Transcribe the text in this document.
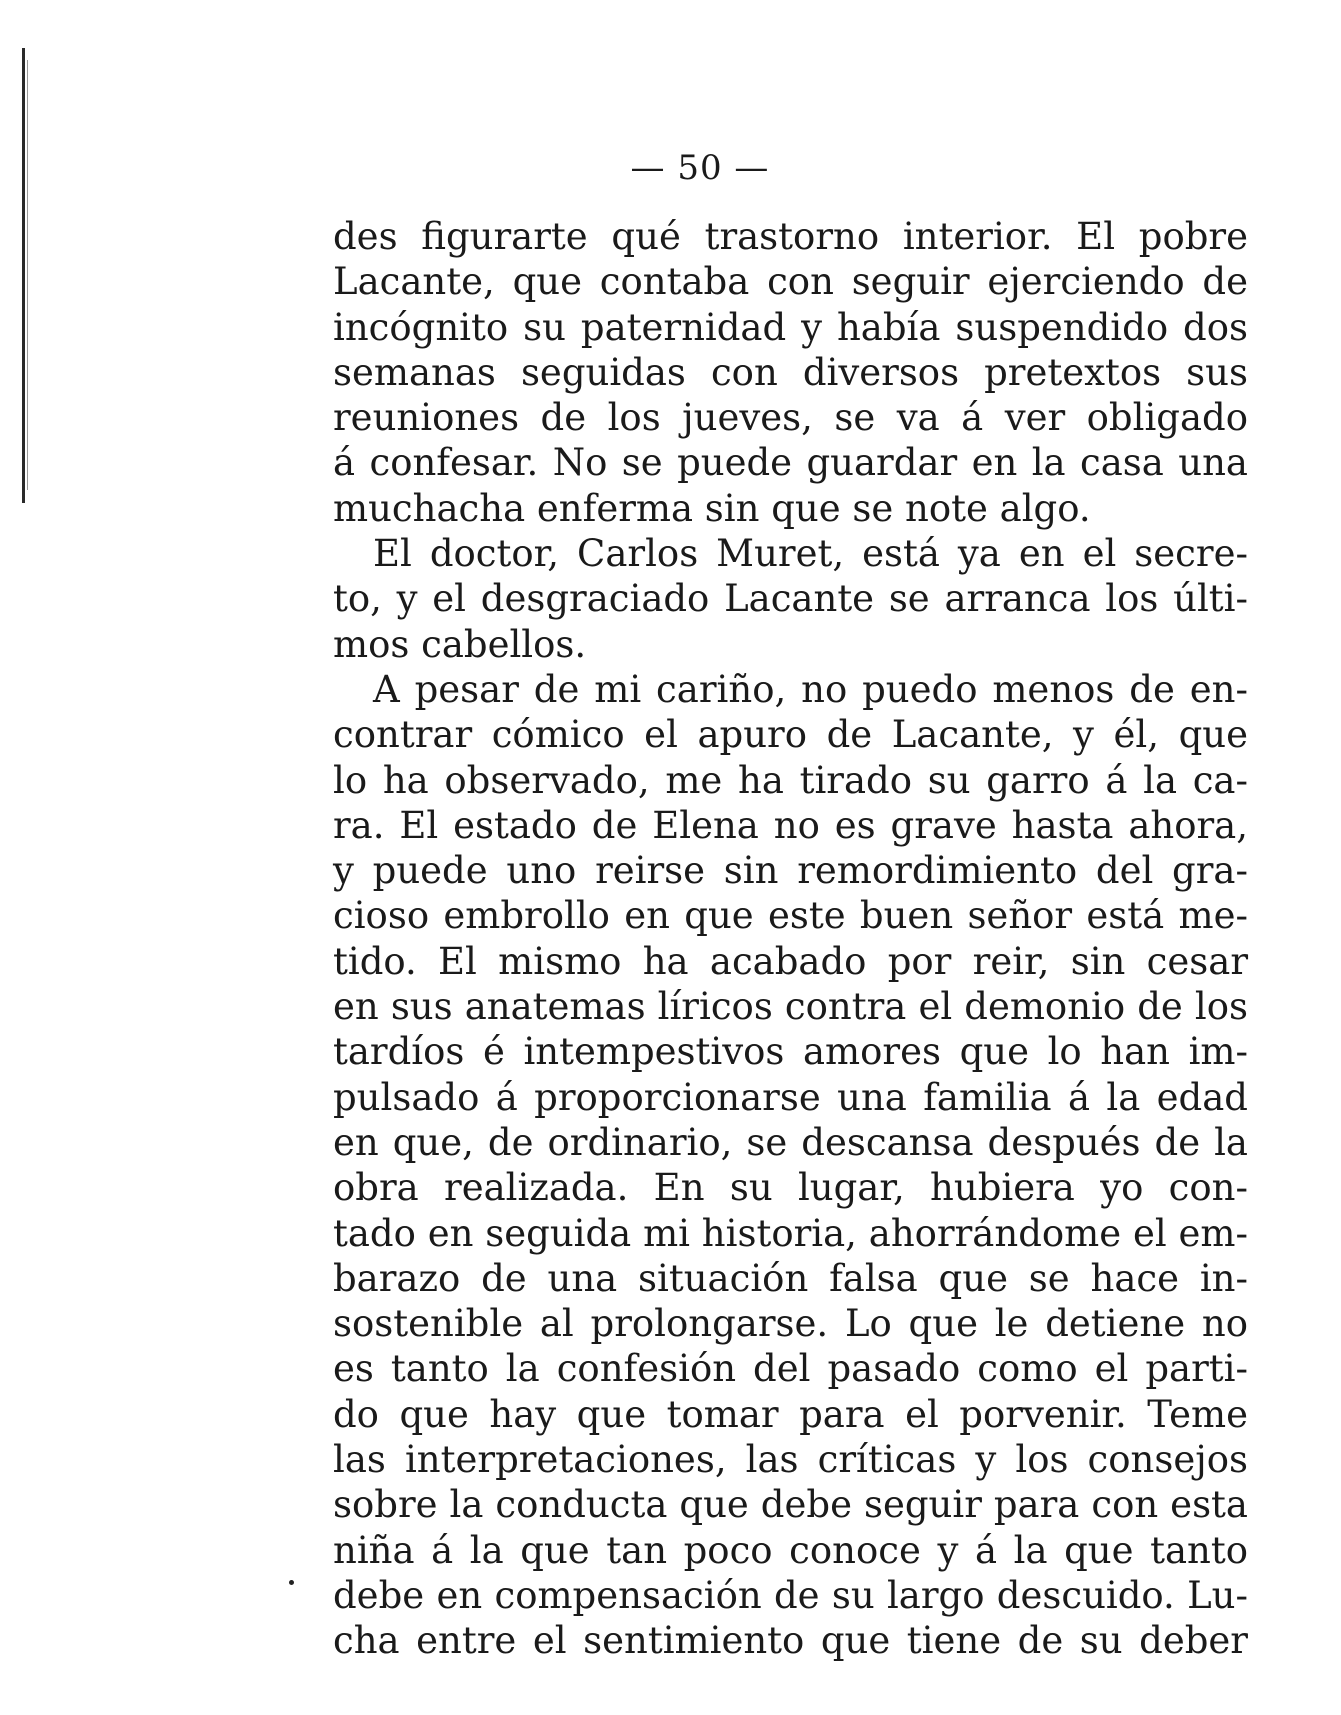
— 50 —
des figurarte qué trastorno interior. El pobre
Lacante, que contaba con seguir ejerciendo de
incógnito su paternidad y había suspendido dos
semanas seguidas con diversos pretextos sus
reuniones de los jueves, se va á ver obligado
á confesar. No se puede guardar en la casa una
muchacha enferma sin que se note algo.
El doctor, Carlos Muret, está ya en el secre-
to, y el desgraciado Lacante se arranca los últi-
mos cabellos.
A pesar de mi cariño, no puedo menos de en-
contrar cómico el apuro de Lacante, y él, que
lo ha observado, me ha tirado su garro á la ca-
ra. El estado de Elena no es grave hasta ahora,
y puede uno reirse sin remordimiento del gra-
cioso embrollo en que este buen señor está me-
tido. El mismo ha acabado por reir, sin cesar
en sus anatemas líricos contra el demonio de los
tardíos é intempestivos amores que lo han im-
pulsado á proporcionarse una familia á la edad
en que, de ordinario, se descansa después de la
obra realizada. En su lugar, hubiera yo con-
tado en seguida mi historia, ahorrándome el em-
barazo de una situación falsa que se hace in-
sostenible al prolongarse. Lo que le detiene no
es tanto la confesión del pasado como el parti-
do que hay que tomar para el porvenir. Teme
las interpretaciones, las críticas y los consejos
sobre la conducta que debe seguir para con esta
niña á la que tan poco conoce y á la que tanto
debe en compensación de su largo descuido. Lu-
cha entre el sentimiento que tiene de su deber
